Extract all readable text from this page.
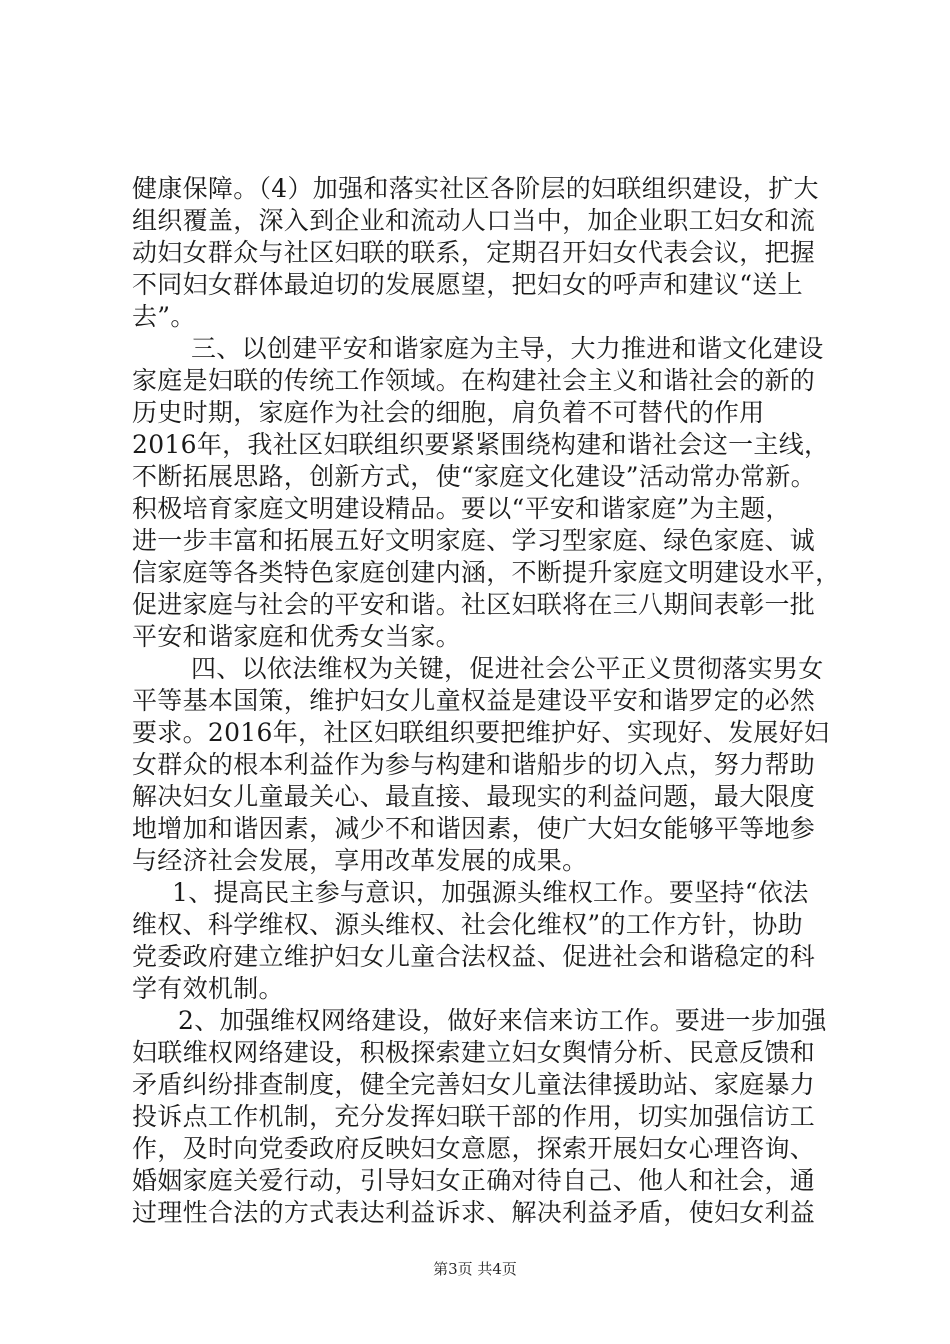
健康保障。（4）加强和落实社区各阶层的妇联组织建设，扩大
组织覆盖，深入到企业和流动人口当中，加企业职工妇女和流
动妇女群众与社区妇联的联系，定期召开妇女代表会议，把握
不同妇女群体最迫切的发展愿望，把妇女的呼声和建议“送上
去”。
三、以创建平安和谐家庭为主导，大力推进和谐文化建设
家庭是妇联的传统工作领域。在构建社会主义和谐社会的新的
历史时期，家庭作为社会的细胞，肩负着不可替代的作用
2016年，我社区妇联组织要紧紧围绕构建和谐社会这一主线，
不断拓展思路，创新方式，使“家庭文化建设”活动常办常新。
积极培育家庭文明建设精品。要以“平安和谐家庭”为主题，
进一步丰富和拓展五好文明家庭、学习型家庭、绿色家庭、诚
信家庭等各类特色家庭创建内涵，不断提升家庭文明建设水平，
促进家庭与社会的平安和谐。社区妇联将在三八期间表彰一批
平安和谐家庭和优秀女当家。
四、以依法维权为关键，促进社会公平正义贯彻落实男女
平等基本国策，维护妇女儿童权益是建设平安和谐罗定的必然
要求。2016年，社区妇联组织要把维护好、实现好、发展好妇
女群众的根本利益作为参与构建和谐船步的切入点，努力帮助
解决妇女儿童最关心、最直接、最现实的利益问题，最大限度
地增加和谐因素，减少不和谐因素，使广大妇女能够平等地参
与经济社会发展，享用改革发展的成果。
1、提高民主参与意识，加强源头维权工作。要坚持“依法
维权、科学维权、源头维权、社会化维权”的工作方针，协助
党委政府建立维护妇女儿童合法权益、促进社会和谐稳定的科
学有效机制。
2、加强维权网络建设，做好来信来访工作。要进一步加强
妇联维权网络建设，积极探索建立妇女舆情分析、民意反馈和
矛盾纠纷排查制度，健全完善妇女儿童法律援助站、家庭暴力
投诉点工作机制，充分发挥妇联干部的作用，切实加强信访工
作，及时向党委政府反映妇女意愿，探索开展妇女心理咨询、
婚姻家庭关爱行动，引导妇女正确对待自己、他人和社会，通
过理性合法的方式表达利益诉求、解决利益矛盾，使妇女利益
第3页 共4页
